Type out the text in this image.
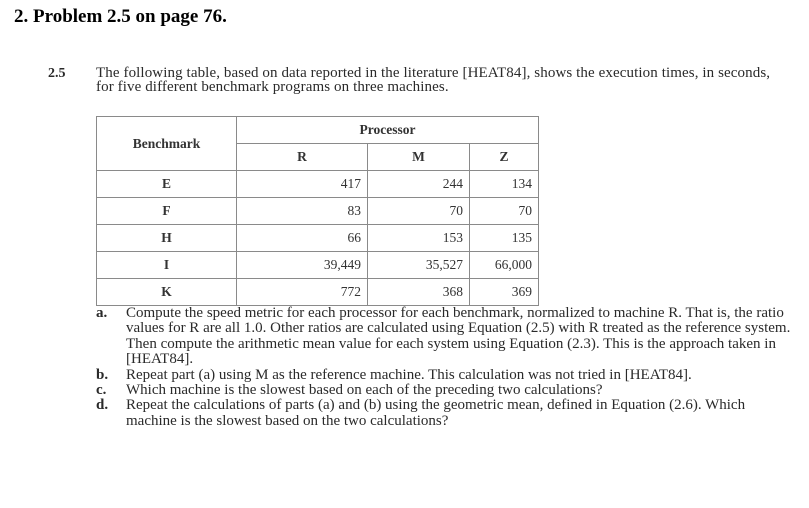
2. Problem 2.5 on page 76.
2.5 The following table, based on data reported in the literature [HEAT84], shows the execution times, in seconds, for five different benchmark programs on three machines.
Benchmark	Processor		
	R	M	Z
E	417	244	134
F	83	70	70
H	66	153	135
I	39,449	35,527	66,000
K	772	368	369
a. Compute the speed metric for each processor for each benchmark, normalized to machine R. That is, the ratio values for R are all 1.0. Other ratios are calculated using Equation (2.5) with R treated as the reference system. Then compute the arithmetic mean value for each system using Equation (2.3). This is the approach taken in [HEAT84].
b. Repeat part (a) using M as the reference machine. This calculation was not tried in [HEAT84].
c. Which machine is the slowest based on each of the preceding two calculations?
d. Repeat the calculations of parts (a) and (b) using the geometric mean, defined in Equation (2.6). Which machine is the slowest based on the two calculations?
